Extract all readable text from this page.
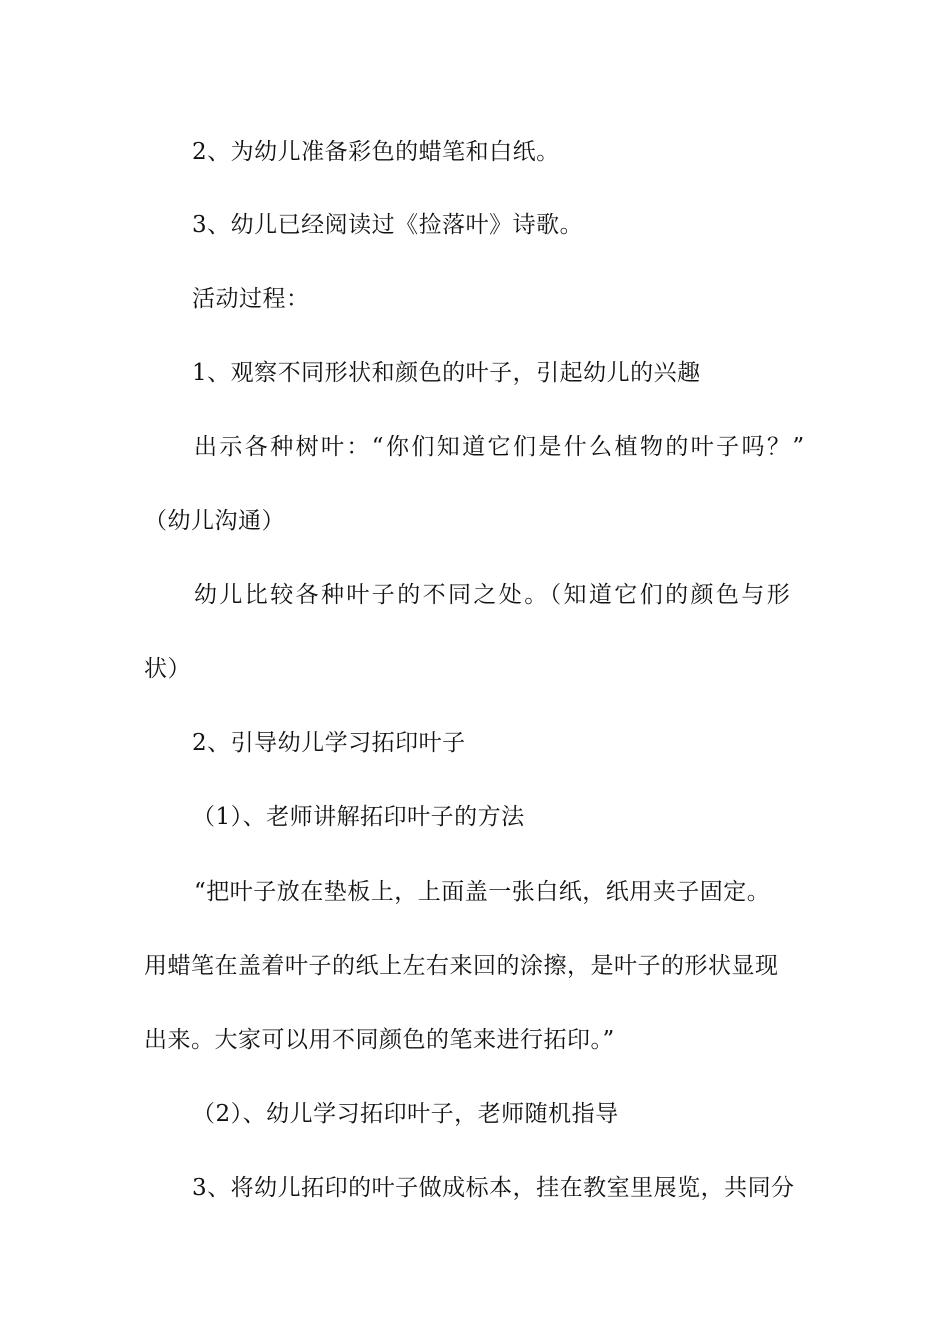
2、为幼儿准备彩色的蜡笔和白纸。
3、幼儿已经阅读过《捡落叶》诗歌。
活动过程：
1、观察不同形状和颜色的叶子，引起幼儿的兴趣
出示各种树叶：“你们知道它们是什么植物的叶子吗？”
（幼儿沟通）
幼儿比较各种叶子的不同之处。（知道它们的颜色与形
状）
2、引导幼儿学习拓印叶子
（1）、老师讲解拓印叶子的方法
“把叶子放在垫板上，上面盖一张白纸，纸用夹子固定。
用蜡笔在盖着叶子的纸上左右来回的涂擦，是叶子的形状显现
出来。大家可以用不同颜色的笔来进行拓印。”
（2）、幼儿学习拓印叶子，老师随机指导
3、将幼儿拓印的叶子做成标本，挂在教室里展览，共同分
